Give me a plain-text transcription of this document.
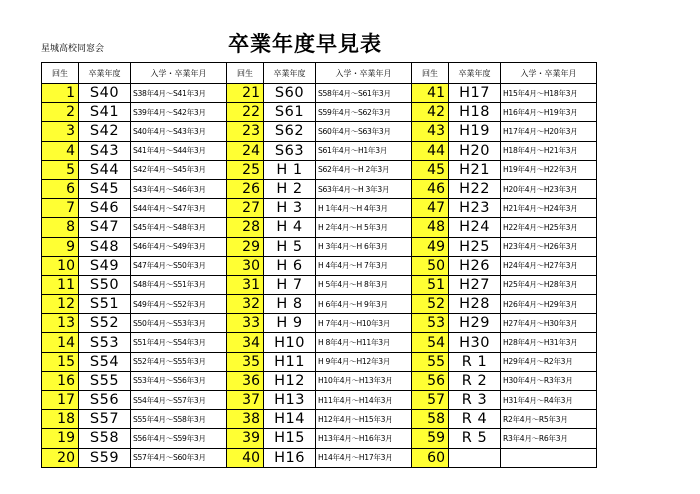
星城高校同窓会	卒業年度早見表
回生	卒業年度	入学・卒業年月
1	S40	S38年4月～S41年3月
2	S41	S39年4月～S42年3月
3	S42	S40年4月～S43年3月
4	S43	S41年4月～S44年3月
5	S44	S42年4月～S45年3月
6	S45	S43年4月～S46年3月
7	S46	S44年4月～S47年3月
8	S47	S45年4月～S48年3月
9	S48	S46年4月～S49年3月
10	S49	S47年4月～S50年3月
11	S50	S48年4月～S51年3月
12	S51	S49年4月～S52年3月
13	S52	S50年4月～S53年3月
14	S53	S51年4月～S54年3月
15	S54	S52年4月～S55年3月
16	S55	S53年4月～S56年3月
17	S56	S54年4月～S57年3月
18	S57	S55年4月～S58年3月
19	S58	S56年4月～S59年3月
20	S59	S57年4月～S60年3月
回生	卒業年度	入学・卒業年月
21	S60	S58年4月～S61年3月
22	S61	S59年4月～S62年3月
23	S62	S60年4月～S63年3月
24	S63	S61年4月～H1年3月
25	H 1	S62年4月～H 2年3月
26	H 2	S63年4月～H 3年3月
27	H 3	H 1年4月～H 4年3月
28	H 4	H 2年4月～H 5年3月
29	H 5	H 3年4月～H 6年3月
30	H 6	H 4年4月～H 7年3月
31	H 7	H 5年4月～H 8年3月
32	H 8	H 6年4月～H 9年3月
33	H 9	H 7年4月～H10年3月
34	H10	H 8年4月～H11年3月
35	H11	H 9年4月～H12年3月
36	H12	H10年4月～H13年3月
37	H13	H11年4月～H14年3月
38	H14	H12年4月～H15年3月
39	H15	H13年4月～H16年3月
40	H16	H14年4月～H17年3月
回生	卒業年度	入学・卒業年月
41	H17	H15年4月～H18年3月
42	H18	H16年4月～H19年3月
43	H19	H17年4月～H20年3月
44	H20	H18年4月～H21年3月
45	H21	H19年4月～H22年3月
46	H22	H20年4月～H23年3月
47	H23	H21年4月～H24年3月
48	H24	H22年4月～H25年3月
49	H25	H23年4月～H26年3月
50	H26	H24年4月～H27年3月
51	H27	H25年4月～H28年3月
52	H28	H26年4月～H29年3月
53	H29	H27年4月～H30年3月
54	H30	H28年4月～H31年3月
55	R 1	H29年4月～R2年3月
56	R 2	H30年4月～R3年3月
57	R 3	H31年4月～R4年3月
58	R 4	R2年4月～R5年3月
59	R 5	R3年4月～R6年3月
60		
